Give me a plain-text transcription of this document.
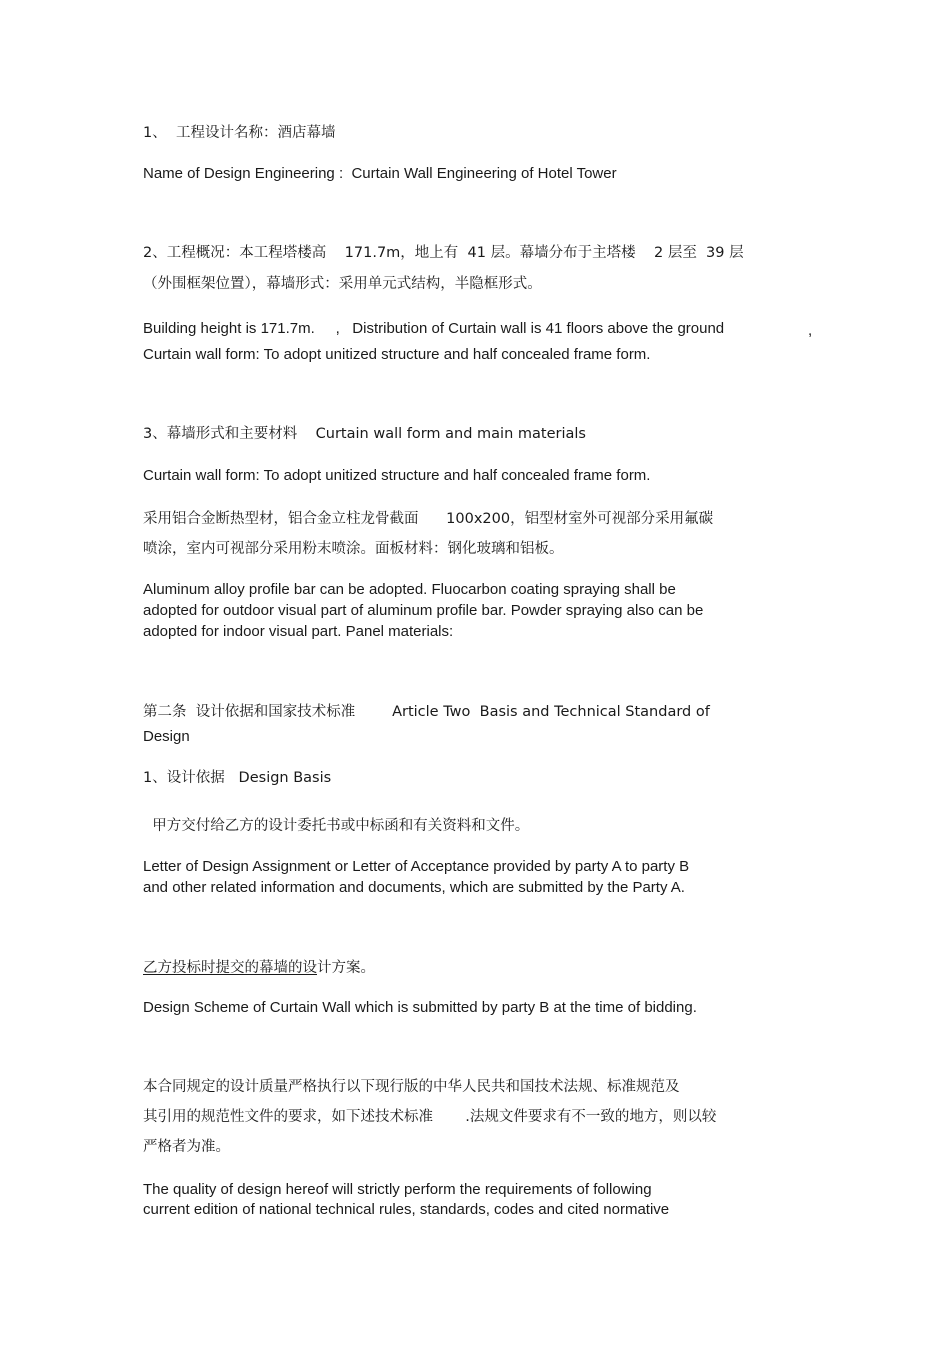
1、  工程设计名称：酒店幕墙
Name of Design Engineering :  Curtain Wall Engineering of Hotel Tower
2、工程概况：本工程塔楼高    171.7m，地上有  41 层。幕墙分布于主塔楼    2 层至  39 层
（外围框架位置），幕墙形式：采用单元式结构，半隐框形式。
Building height is 171.7m.     ,   Distribution of Curtain wall is 41 floors above the ground	,
Curtain wall form: To adopt unitized structure and half concealed frame form.
3、幕墙形式和主要材料    Curtain wall form and main materials
Curtain wall form: To adopt unitized structure and half concealed frame form.
采用铝合金断热型材，铝合金立柱龙骨截面      100x200，铝型材室外可视部分采用氟碳
喷涂，室内可视部分采用粉末喷涂。面板材料：钢化玻璃和铝板。
Aluminum alloy profile bar can be adopted. Fluocarbon coating spraying shall be
adopted for outdoor visual part of aluminum profile bar. Powder spraying also can be
adopted for indoor visual part. Panel materials:
第二条  设计依据和国家技术标准        Article Two  Basis and Technical Standard of
Design
1、设计依据   Design Basis
甲方交付给乙方的设计委托书或中标函和有关资料和文件。
Letter of Design Assignment or Letter of Acceptance provided by party A to party B
and other related information and documents, which are submitted by the Party A.
乙方投标时提交的幕墙的设计方案。
Design Scheme of Curtain Wall which is submitted by party B at the time of bidding.
本合同规定的设计质量严格执行以下现行版的中华人民共和国技术法规、标准规范及
其引用的规范性文件的要求，如下述技术标准       .法规文件要求有不一致的地方，则以较
严格者为准。
The quality of design hereof will strictly perform the requirements of following
current edition of national technical rules, standards, codes and cited normative
